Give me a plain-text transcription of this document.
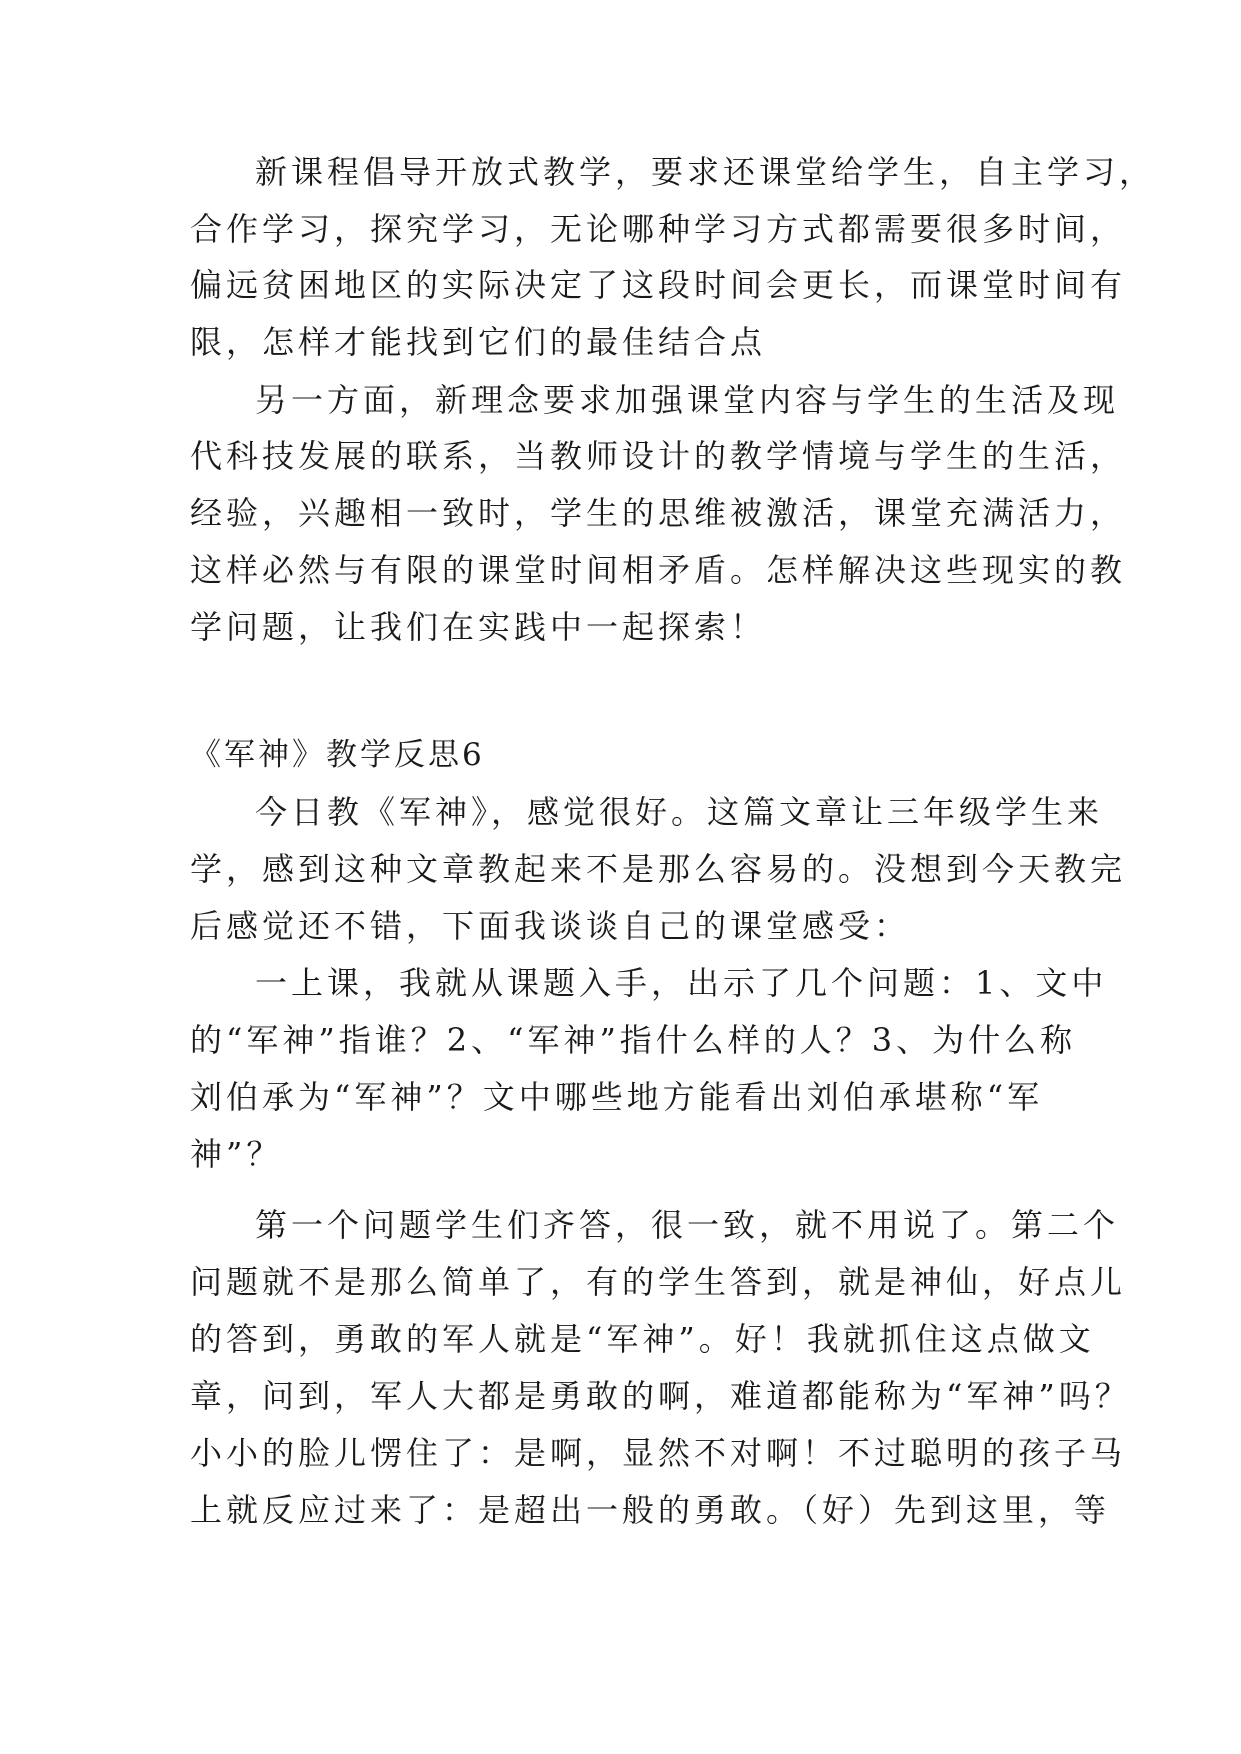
新课程倡导开放式教学，要求还课堂给学生，自主学习，

合作学习，探究学习，无论哪种学习方式都需要很多时间，

偏远贫困地区的实际决定了这段时间会更长，而课堂时间有

限，怎样才能找到它们的最佳结合点

另一方面，新理念要求加强课堂内容与学生的生活及现

代科技发展的联系，当教师设计的教学情境与学生的生活，

经验，兴趣相一致时，学生的思维被激活，课堂充满活力，

这样必然与有限的课堂时间相矛盾。怎样解决这些现实的教

学问题，让我们在实践中一起探索！

《军神》教学反思6

今日教《军神》，感觉很好。这篇文章让三年级学生来

学，感到这种文章教起来不是那么容易的。没想到今天教完

后感觉还不错，下面我谈谈自己的课堂感受：

一上课，我就从课题入手，出示了几个问题：1、文中

的“军神”指谁？2、“军神”指什么样的人？3、为什么称

刘伯承为“军神”？文中哪些地方能看出刘伯承堪称“军

神”？

第一个问题学生们齐答，很一致，就不用说了。第二个

问题就不是那么简单了，有的学生答到，就是神仙，好点儿

的答到，勇敢的军人就是“军神”。好！我就抓住这点做文

章，问到，军人大都是勇敢的啊，难道都能称为“军神”吗？

小小的脸儿愣住了：是啊，显然不对啊！不过聪明的孩子马

上就反应过来了：是超出一般的勇敢。（好）先到这里，等
